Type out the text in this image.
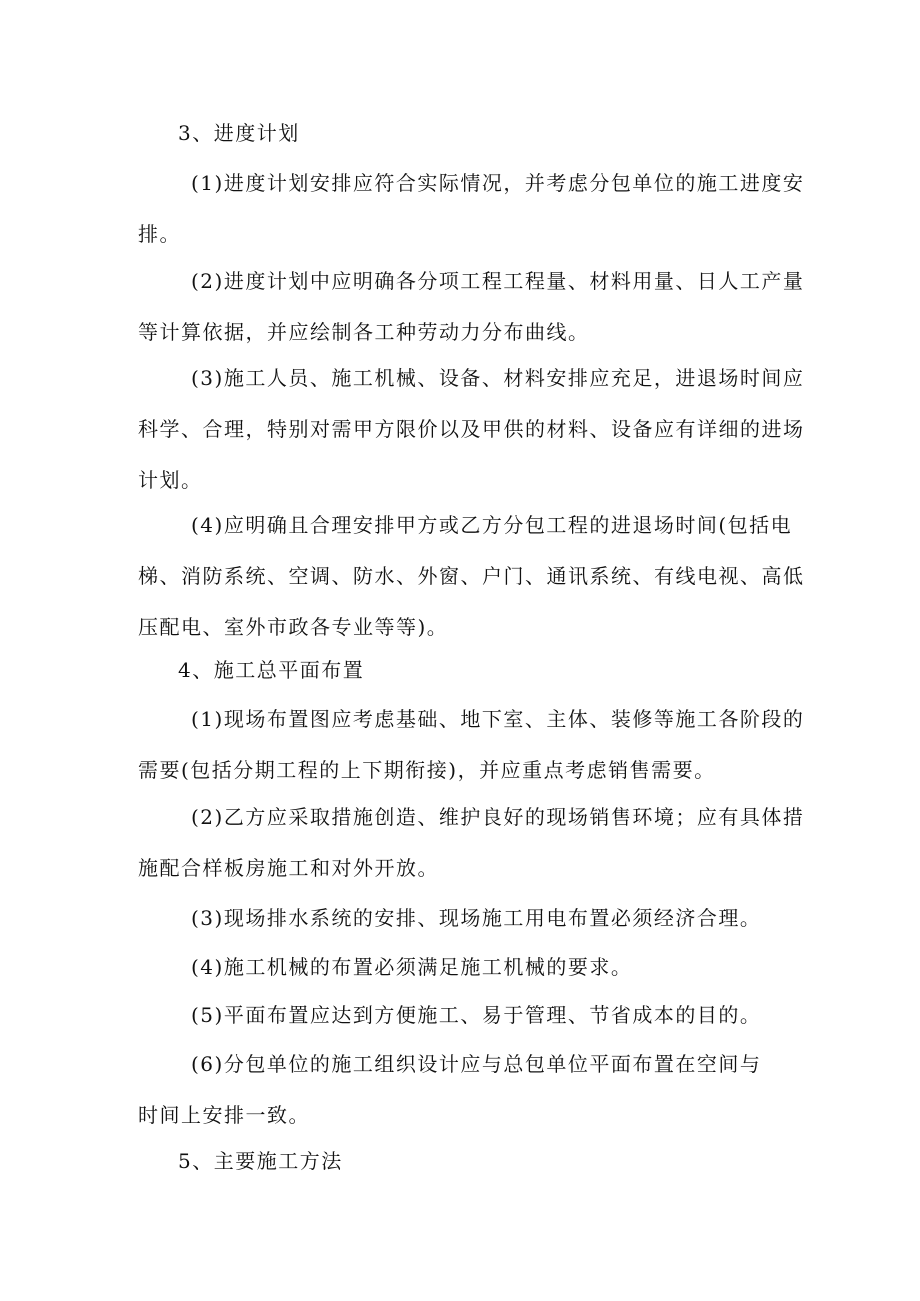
3、进度计划
(1)进度计划安排应符合实际情况，并考虑分包单位的施工进度安
排。
(2)进度计划中应明确各分项工程工程量、材料用量、日人工产量
等计算依据，并应绘制各工种劳动力分布曲线。
(3)施工人员、施工机械、设备、材料安排应充足，进退场时间应
科学、合理，特别对需甲方限价以及甲供的材料、设备应有详细的进场
计划。
(4)应明确且合理安排甲方或乙方分包工程的进退场时间(包括电
梯、消防系统、空调、防水、外窗、户门、通讯系统、有线电视、高低
压配电、室外市政各专业等等)。
4、施工总平面布置
(1)现场布置图应考虑基础、地下室、主体、装修等施工各阶段的
需要(包括分期工程的上下期衔接)，并应重点考虑销售需要。
(2)乙方应采取措施创造、维护良好的现场销售环境；应有具体措
施配合样板房施工和对外开放。
(3)现场排水系统的安排、现场施工用电布置必须经济合理。
(4)施工机械的布置必须满足施工机械的要求。
(5)平面布置应达到方便施工、易于管理、节省成本的目的。
(6)分包单位的施工组织设计应与总包单位平面布置在空间与
时间上安排一致。
5、主要施工方法
